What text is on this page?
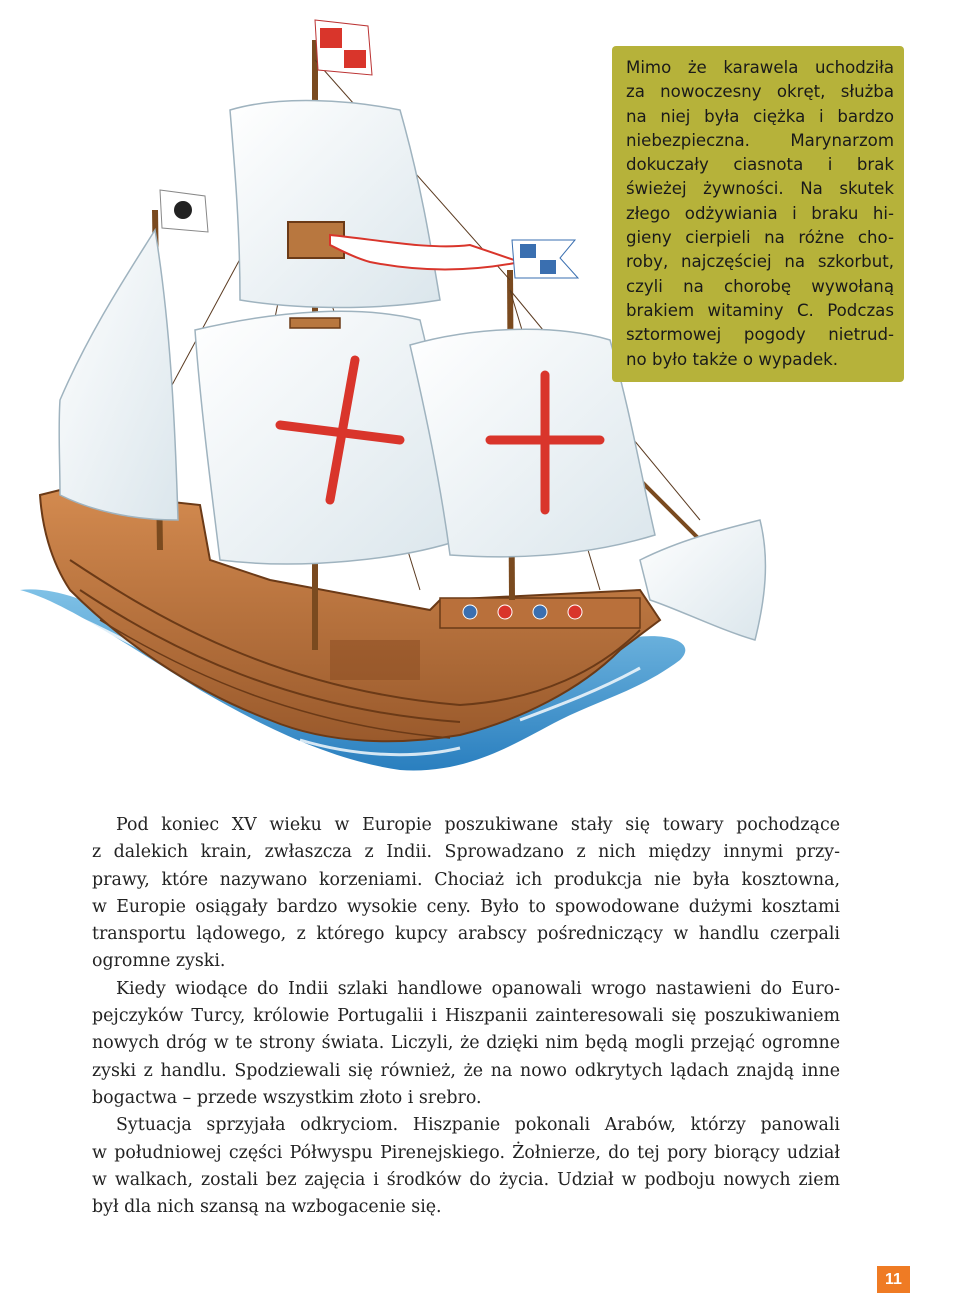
Mimo że karawela uchodziła
za nowoczesny okręt, służba
na niej była ciężka i bardzo
niebezpieczna. Marynarzom
dokuczały ciasnota i brak
świeżej żywności. Na skutek
złego odżywiania i braku hi-
gieny cierpieli na różne cho-
roby, najczęściej na szkorbut,
czyli na chorobę wywołaną
brakiem witaminy C. Podczas
sztormowej pogody nietrud-
no było także o wypadek.
Pod koniec XV wieku w Europie poszukiwane stały się towary pochodzące
z dalekich krain, zwłaszcza z Indii. Sprowadzano z nich między innymi przy-
prawy, które nazywano korzeniami. Chociaż ich produkcja nie była kosztowna,
w Europie osiągały bardzo wysokie ceny. Było to spowodowane dużymi kosztami
transportu lądowego, z którego kupcy arabscy pośredniczący w handlu czerpali
ogromne zyski.
Kiedy wiodące do Indii szlaki handlowe opanowali wrogo nastawieni do Euro-
pejczyków Turcy, królowie Portugalii i Hiszpanii zainteresowali się poszukiwaniem
nowych dróg w te strony świata. Liczyli, że dzięki nim będą mogli przejąć ogromne
zyski z handlu. Spodziewali się również, że na nowo odkrytych lądach znajdą inne
bogactwa – przede wszystkim złoto i srebro.
Sytuacja sprzyjała odkryciom. Hiszpanie pokonali Arabów, którzy panowali
w południowej części Półwyspu Pirenejskiego. Żołnierze, do tej pory biorący udział
w walkach, zostali bez zajęcia i środków do życia. Udział w podboju nowych ziem
był dla nich szansą na wzbogacenie się.
11
